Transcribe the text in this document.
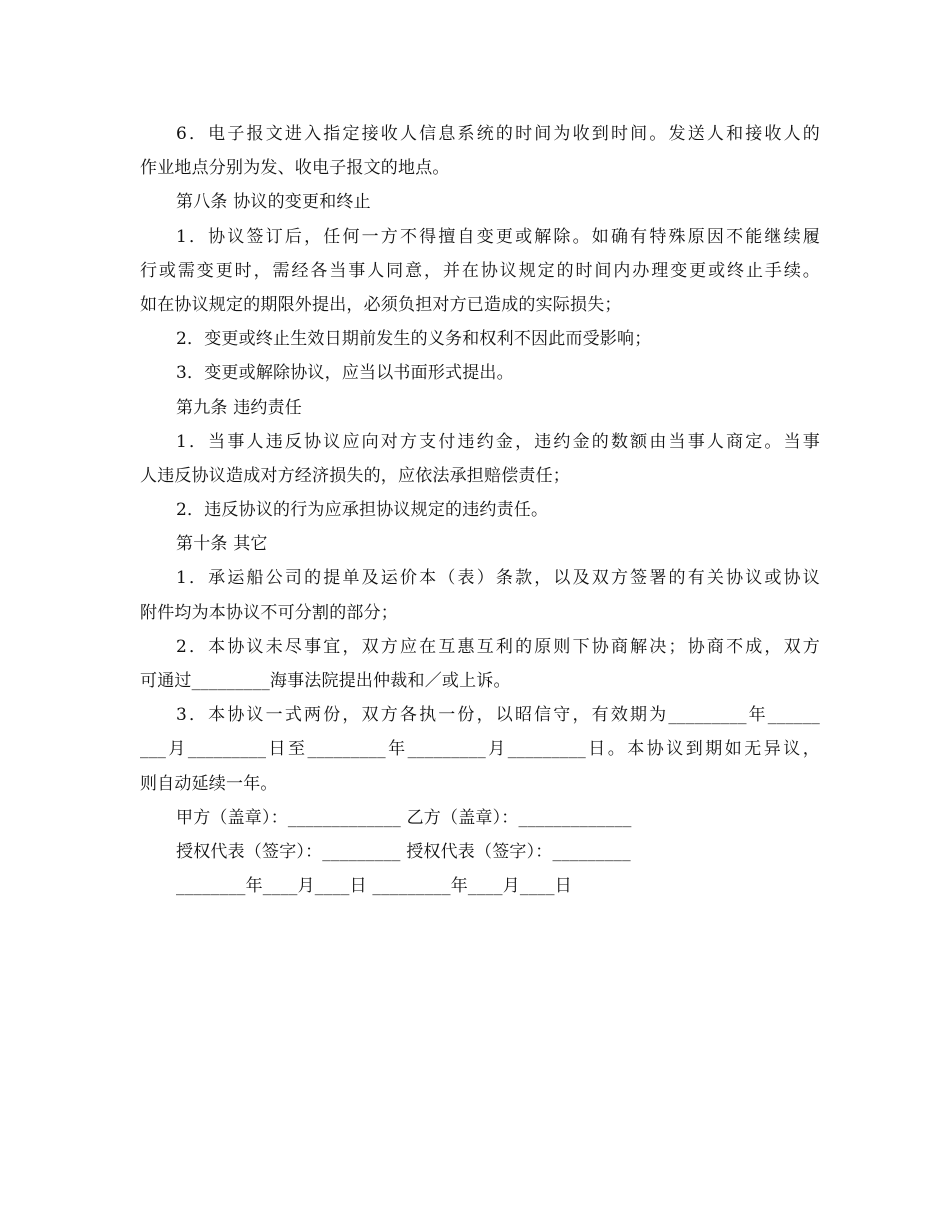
6．电子报文进入指定接收人信息系统的时间为收到时间。发送人和接收人的
作业地点分别为发、收电子报文的地点。
第八条 协议的变更和终止
1．协议签订后，任何一方不得擅自变更或解除。如确有特殊原因不能继续履
行或需变更时，需经各当事人同意，并在协议规定的时间内办理变更或终止手续。
如在协议规定的期限外提出，必须负担对方已造成的实际损失；
2．变更或终止生效日期前发生的义务和权利不因此而受影响；
3．变更或解除协议，应当以书面形式提出。
第九条 违约责任
1．当事人违反协议应向对方支付违约金，违约金的数额由当事人商定。当事
人违反协议造成对方经济损失的，应依法承担赔偿责任；
2．违反协议的行为应承担协议规定的违约责任。
第十条 其它
1．承运船公司的提单及运价本（表）条款，以及双方签署的有关协议或协议
附件均为本协议不可分割的部分；
2．本协议未尽事宜，双方应在互惠互利的原则下协商解决；协商不成，双方
可通过_________海事法院提出仲裁和／或上诉。
3．本协议一式两份，双方各执一份，以昭信守，有效期为_________年______
___月_________日至_________年_________月_________日。本协议到期如无异议，
则自动延续一年。
甲方（盖章）：_____________ 乙方（盖章）：_____________
授权代表（签字）：_________ 授权代表（签字）：_________
________年____月____日 _________年____月____日
